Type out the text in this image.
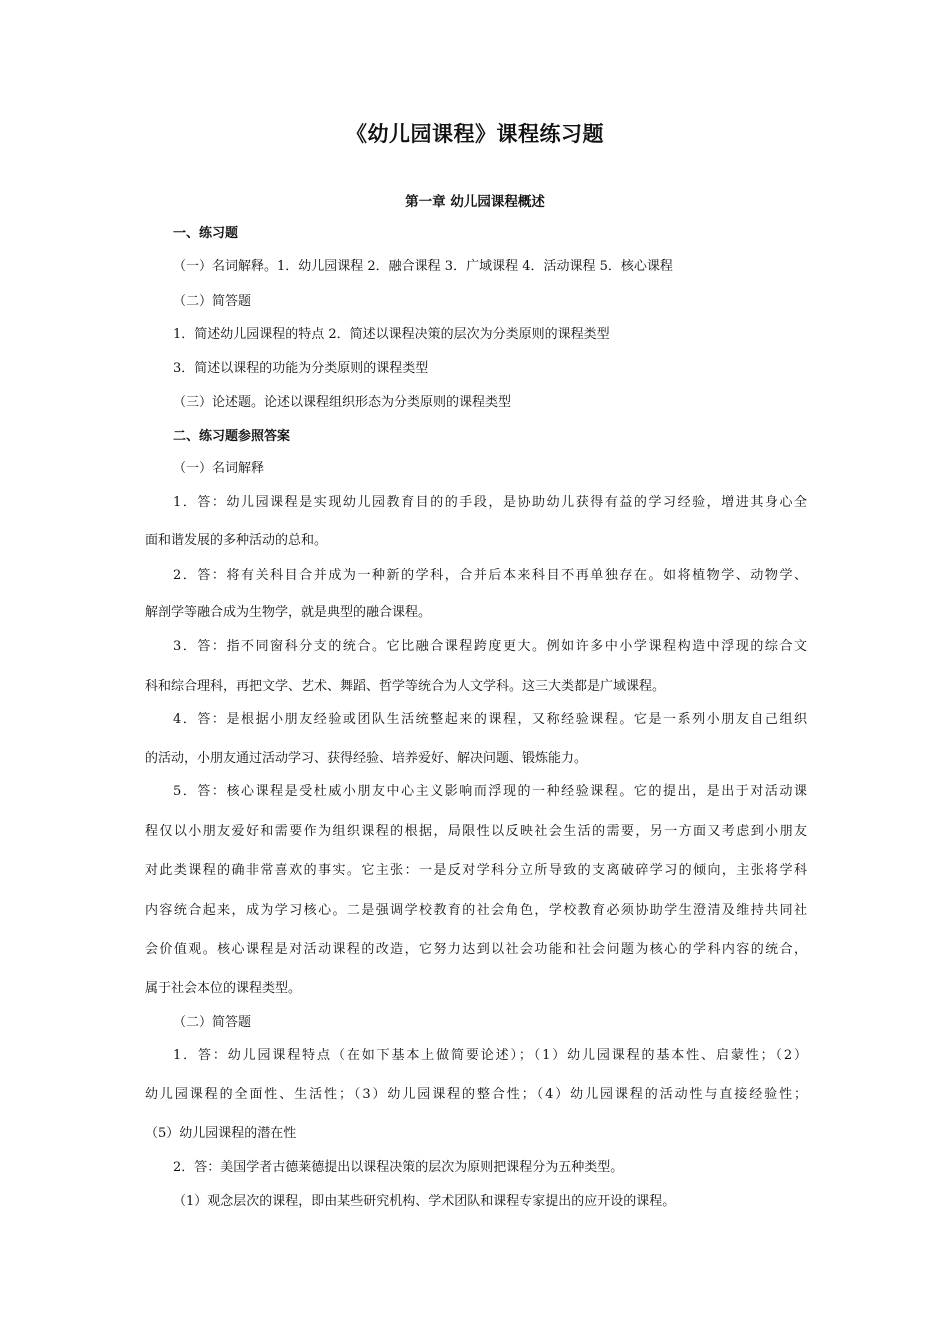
《幼儿园课程》课程练习题
第一章 幼儿园课程概述
一、练习题
（一）名词解释。1．幼儿园课程 2．融合课程 3．广域课程 4．活动课程 5．核心课程
（二）简答题
1．简述幼儿园课程的特点 2．简述以课程决策的层次为分类原则的课程类型
3．简述以课程的功能为分类原则的课程类型
（三）论述题。论述以课程组织形态为分类原则的课程类型
二、练习题参照答案
（一）名词解释
1．答：幼儿园课程是实现幼儿园教育目的的手段，是协助幼儿获得有益的学习经验，增进其身心全
面和谐发展的多种活动的总和。
2．答：将有关科目合并成为一种新的学科，合并后本来科目不再单独存在。如将植物学、动物学、
解剖学等融合成为生物学，就是典型的融合课程。
3．答：指不同窗科分支的统合。它比融合课程跨度更大。例如许多中小学课程构造中浮现的综合文
科和综合理科，再把文学、艺术、舞蹈、哲学等统合为人文学科。这三大类都是广域课程。
4．答：是根据小朋友经验或团队生活统整起来的课程，又称经验课程。它是一系列小朋友自己组织
的活动，小朋友通过活动学习、获得经验、培养爱好、解决问题、锻炼能力。
5．答：核心课程是受杜威小朋友中心主义影响而浮现的一种经验课程。它的提出，是出于对活动课
程仅以小朋友爱好和需要作为组织课程的根据，局限性以反映社会生活的需要，另一方面又考虑到小朋友
对此类课程的确非常喜欢的事实。它主张：一是反对学科分立所导致的支离破碎学习的倾向，主张将学科
内容统合起来，成为学习核心。二是强调学校教育的社会角色，学校教育必须协助学生澄清及维持共同社
会价值观。核心课程是对活动课程的改造，它努力达到以社会功能和社会问题为核心的学科内容的统合，
属于社会本位的课程类型。
（二）简答题
1．答：幼儿园课程特点（在如下基本上做简要论述）；（1）幼儿园课程的基本性、启蒙性；（2）
幼儿园课程的全面性、生活性；（3）幼儿园课程的整合性；（4）幼儿园课程的活动性与直接经验性；
（5）幼儿园课程的潜在性
2．答：美国学者古德莱德提出以课程决策的层次为原则把课程分为五种类型。
（1）观念层次的课程，即由某些研究机构、学术团队和课程专家提出的应开设的课程。
